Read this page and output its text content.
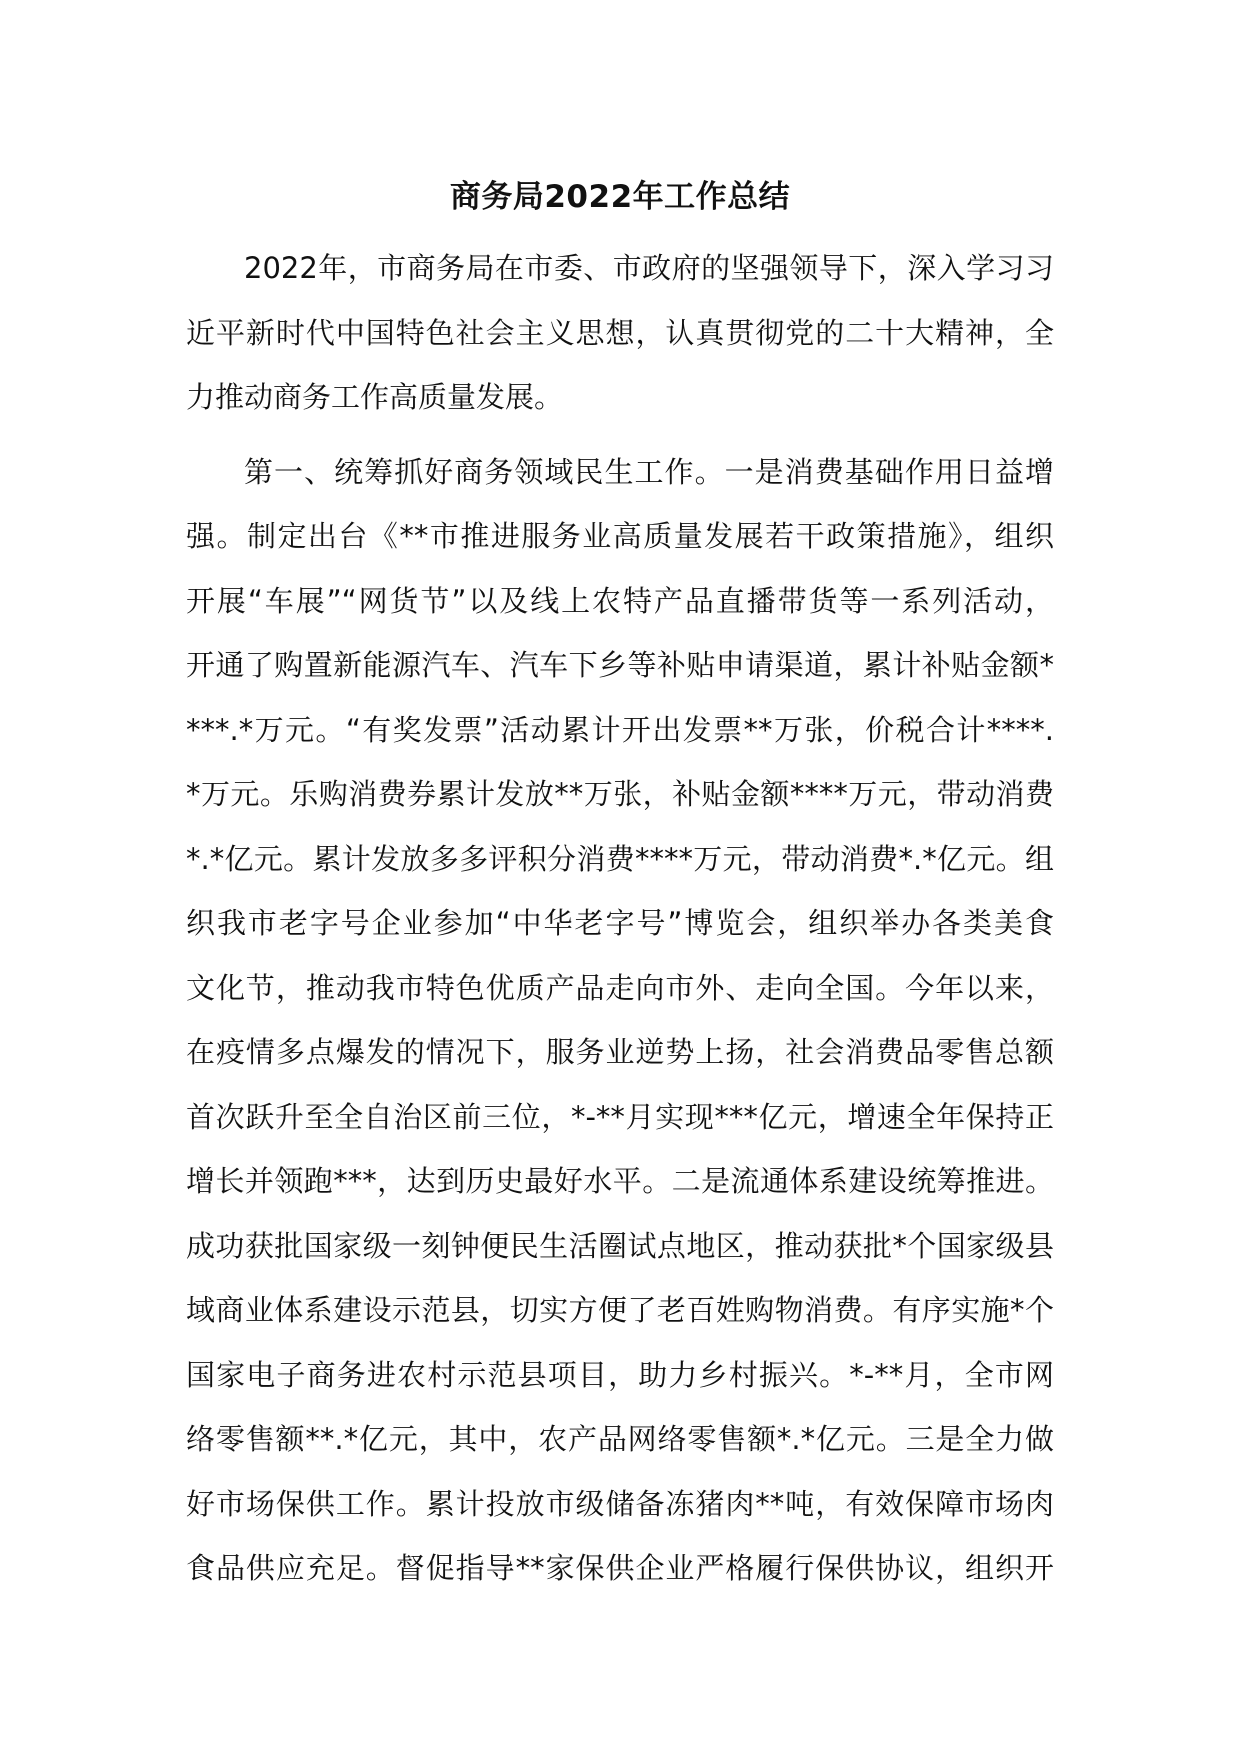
商务局2022年工作总结
2022年，市商务局在市委、市政府的坚强领导下，深入学习习
近平新时代中国特色社会主义思想，认真贯彻党的二十大精神，全
力推动商务工作高质量发展。
第一、统筹抓好商务领域民生工作。一是消费基础作用日益增
强。制定出台《**市推进服务业高质量发展若干政策措施》，组织
开展“车展”“网货节”以及线上农特产品直播带货等一系列活动，
开通了购置新能源汽车、汽车下乡等补贴申请渠道，累计补贴金额*
***.*万元。“有奖发票”活动累计开出发票**万张，价税合计****.
*万元。乐购消费券累计发放**万张，补贴金额****万元，带动消费
*.*亿元。累计发放多多评积分消费****万元，带动消费*.*亿元。组
织我市老字号企业参加“中华老字号”博览会，组织举办各类美食
文化节，推动我市特色优质产品走向市外、走向全国。今年以来，
在疫情多点爆发的情况下，服务业逆势上扬，社会消费品零售总额
首次跃升至全自治区前三位，*-**月实现***亿元，增速全年保持正
增长并领跑***，达到历史最好水平。二是流通体系建设统筹推进。
成功获批国家级一刻钟便民生活圈试点地区，推动获批*个国家级县
域商业体系建设示范县，切实方便了老百姓购物消费。有序实施*个
国家电子商务进农村示范县项目，助力乡村振兴。*-**月，全市网
络零售额**.*亿元，其中，农产品网络零售额*.*亿元。三是全力做
好市场保供工作。累计投放市级储备冻猪肉**吨，有效保障市场肉
食品供应充足。督促指导**家保供企业严格履行保供协议，组织开
